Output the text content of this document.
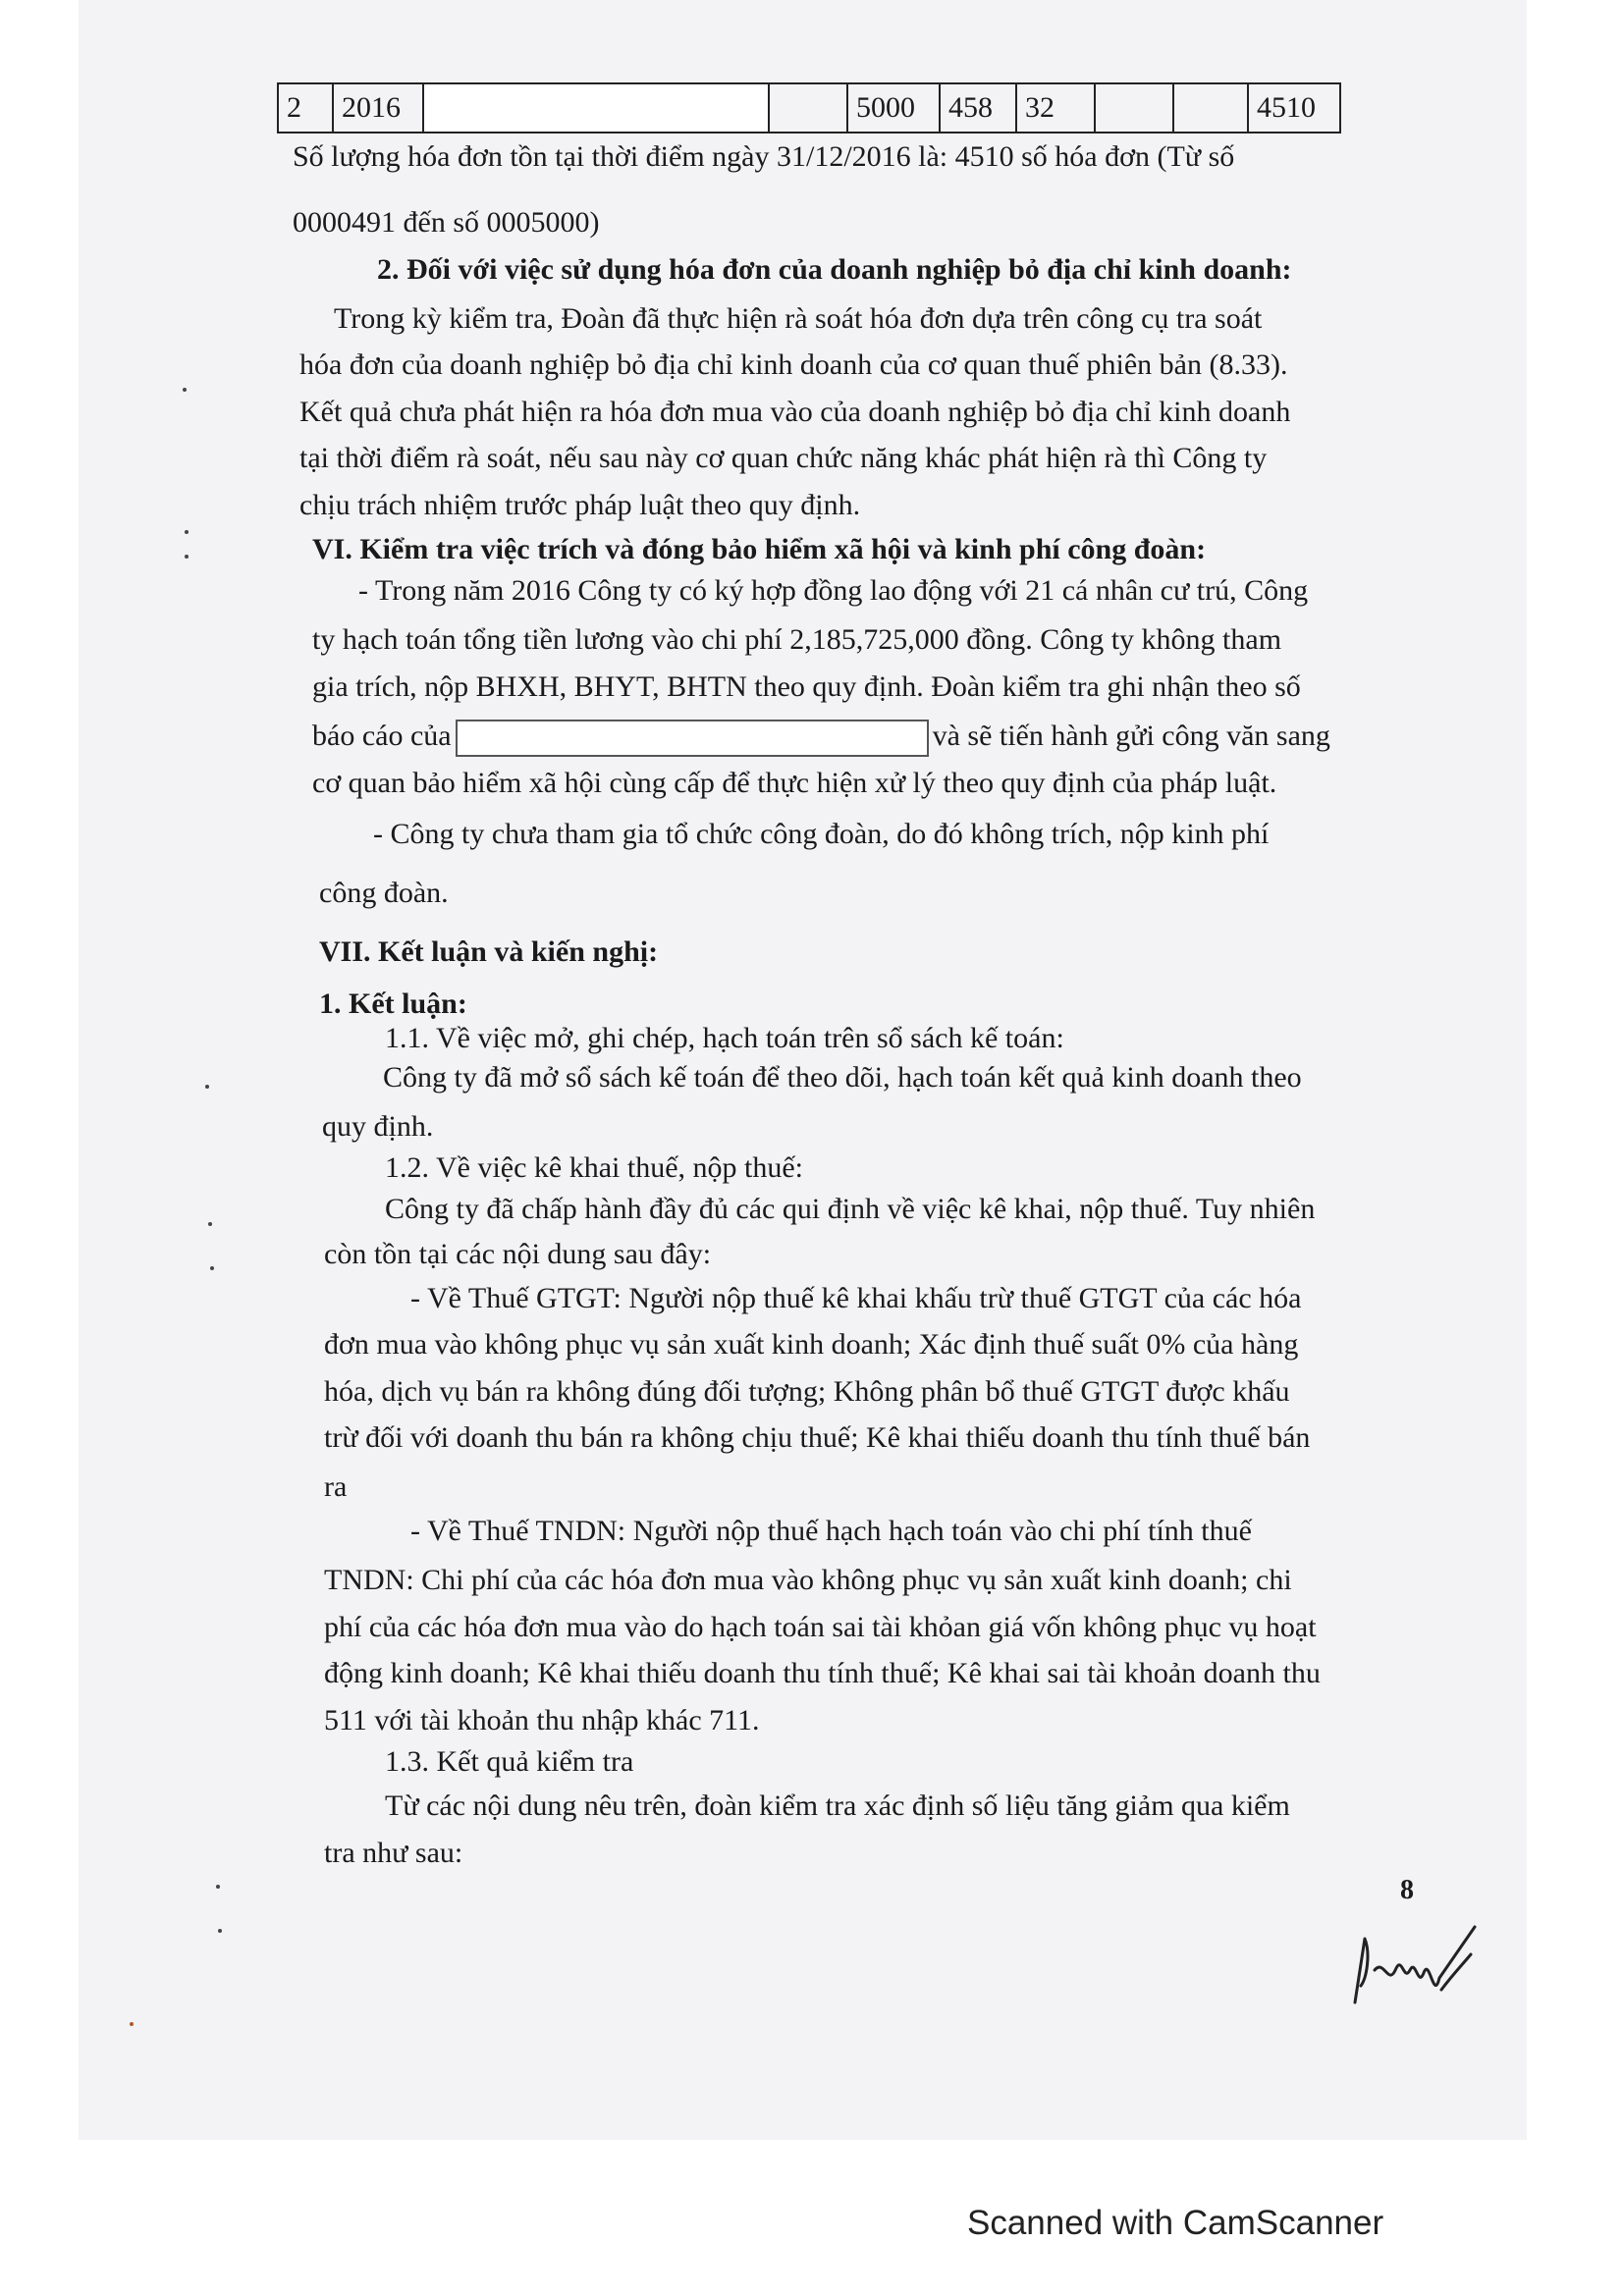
2	2016			5000	458	32			4510
Số lượng hóa đơn tồn tại thời điểm ngày 31/12/2016 là: 4510 số hóa đơn (Từ số
0000491 đến số 0005000)
2. Đối với việc sử dụng hóa đơn của doanh nghiệp bỏ địa chỉ kinh doanh:
Trong kỳ kiểm tra, Đoàn đã thực hiện rà soát hóa đơn dựa trên công cụ tra soát
hóa đơn của doanh nghiệp bỏ địa chỉ kinh doanh của cơ quan thuế phiên bản (8.33).
Kết quả chưa phát hiện ra hóa đơn mua vào của doanh nghiệp bỏ địa chỉ kinh doanh
tại thời điểm rà soát, nếu sau này cơ quan chức năng khác phát hiện rà thì Công ty
chịu trách nhiệm trước pháp luật theo quy định.
VI. Kiểm tra việc trích và đóng bảo hiểm xã hội và kinh phí công đoàn:
- Trong năm 2016 Công ty có ký hợp đồng lao động với 21 cá nhân cư trú, Công
ty hạch toán tổng tiền lương vào chi phí 2,185,725,000 đồng. Công ty không tham
gia trích, nộp BHXH, BHYT, BHTN theo quy định. Đoàn kiểm tra ghi nhận theo số
báo cáo của	và sẽ tiến hành gửi công văn sang
cơ quan bảo hiểm xã hội cùng cấp để thực hiện xử lý theo quy định của pháp luật.
- Công ty chưa tham gia tổ chức công đoàn, do đó không trích, nộp kinh phí
công đoàn.
VII. Kết luận và kiến nghị:
1. Kết luận:
1.1. Về việc mở, ghi chép, hạch toán trên sổ sách kế toán:
Công ty đã mở sổ sách kế toán để theo dõi, hạch toán kết quả kinh doanh theo
quy định.
1.2. Về việc kê khai thuế, nộp thuế:
Công ty đã chấp hành đầy đủ các qui định về việc kê khai, nộp thuế. Tuy nhiên
còn tồn tại các nội dung sau đây:
- Về Thuế GTGT: Người nộp thuế kê khai khấu trừ thuế GTGT của các hóa
đơn mua vào không phục vụ sản xuất kinh doanh; Xác định thuế suất 0% của hàng
hóa, dịch vụ bán ra không đúng đối tượng; Không phân bổ thuế GTGT được khấu
trừ đối với doanh thu bán ra không chịu thuế; Kê khai thiếu doanh thu tính thuế bán
ra
- Về Thuế TNDN: Người nộp thuế hạch hạch toán vào chi phí tính thuế
TNDN: Chi phí của các hóa đơn mua vào không phục vụ sản xuất kinh doanh; chi
phí của các hóa đơn mua vào do hạch toán sai tài khỏan giá vốn không phục vụ hoạt
động kinh doanh; Kê khai thiếu doanh thu tính thuế; Kê khai sai tài khoản doanh thu
511 với tài khoản thu nhập khác 711.
1.3. Kết quả kiểm tra
Từ các nội dung nêu trên, đoàn kiểm tra xác định số liệu tăng giảm qua kiểm
tra như sau:
8
Scanned with CamScanner
